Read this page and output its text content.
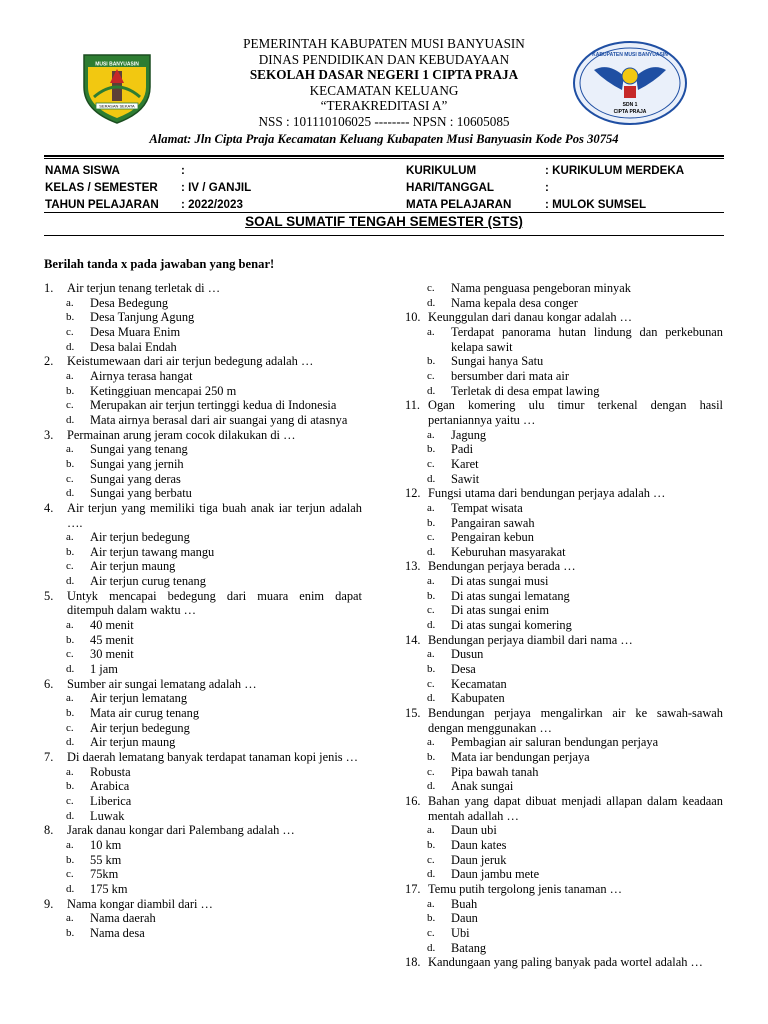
PEMERINTAH KABUPATEN MUSI BANYUASIN
DINAS PENDIDIKAN DAN KEBUDAYAAN
SEKOLAH DASAR NEGERI 1 CIPTA PRAJA
KECAMATAN KELUANG
“TERAKREDITASI A”
NSS : 101110106025 -------- NPSN : 10605085
Alamat: Jln Cipta Praja Kecamatan Keluang Kubapaten Musi Banyuasin Kode Pos 30754
MUSI BANYUASIN
SERASAN SEKATA
KABUPATEN MUSI BANYUASIN
SDN 1
CIPTA PRAJA
NAMA SISWA
KELAS / SEMESTER
TAHUN PELAJARAN
:
: IV / GANJIL
: 2022/2023
KURIKULUM
HARI/TANGGAL
MATA PELAJARAN
: KURIKULUM MERDEKA
:
: MULOK SUMSEL
SOAL SUMATIF TENGAH SEMESTER (STS)
Berilah tanda x pada jawaban yang benar!
1. Air terjun tenang terletak di …
a. Desa Bedegung
b. Desa Tanjung Agung
c. Desa Muara Enim
d. Desa balai Endah
2. Keistumewaan dari air terjun bedegung adalah …
a. Airnya terasa hangat
b. Ketinggiuan mencapai 250 m
c. Merupakan air terjun tertinggi kedua di Indonesia
d. Mata airnya berasal dari air suangai yang di atasnya
3. Permainan arung jeram cocok dilakukan di …
a. Sungai yang tenang
b. Sungai yang jernih
c. Sungai yang deras
d. Sungai yang berbatu
4. Air terjun yang memiliki tiga buah anak iar terjun adalah ….
a. Air terjun bedegung
b. Air terjun tawang mangu
c. Air terjun maung
d. Air terjun curug tenang
5. Untyk mencapai bedegung dari muara enim dapat ditempuh dalam waktu …
a. 40 menit
b. 45 menit
c. 30 menit
d. 1 jam
6. Sumber air sungai lematang adalah …
a. Air terjun lematang
b. Mata air curug tenang
c. Air terjun bedegung
d. Air terjun maung
7. Di daerah lematang banyak terdapat tanaman kopi jenis …
a. Robusta
b. Arabica
c. Liberica
d. Luwak
8. Jarak danau kongar dari Palembang adalah …
a. 10 km
b. 55 km
c. 75km
d. 175 km
9. Nama kongar diambil dari …
a. Nama daerah
b. Nama desa
c. Nama penguasa pengeboran minyak
d. Nama kepala desa conger
10. Keunggulan dari danau kongar adalah …
a. Terdapat panorama hutan lindung dan perkebunan kelapa sawit
b. Sungai hanya Satu
c. bersumber dari mata air
d. Terletak di desa empat lawing
11. Ogan komering ulu timur terkenal dengan hasil pertaniannya yaitu …
a. Jagung
b. Padi
c. Karet
d. Sawit
12. Fungsi utama dari bendungan perjaya adalah …
a. Tempat wisata
b. Pangairan sawah
c. Pengairan kebun
d. Keburuhan masyarakat
13. Bendungan perjaya berada …
a. Di atas sungai musi
b. Di atas sungai lematang
c. Di atas sungai enim
d. Di atas sungai komering
14. Bendungan perjaya diambil dari nama …
a. Dusun
b. Desa
c. Kecamatan
d. Kabupaten
15. Bendungan perjaya mengalirkan air ke sawah-sawah dengan menggunakan …
a. Pembagian air saluran bendungan perjaya
b. Mata iar bendungan perjaya
c. Pipa bawah tanah
d. Anak sungai
16. Bahan yang dapat dibuat menjadi allapan dalam keadaan mentah adallah …
a. Daun ubi
b. Daun kates
c. Daun jeruk
d. Daun jambu mete
17. Temu putih tergolong jenis tanaman …
a. Buah
b. Daun
c. Ubi
d. Batang
18. Kandungaan yang paling banyak pada wortel adalah …
